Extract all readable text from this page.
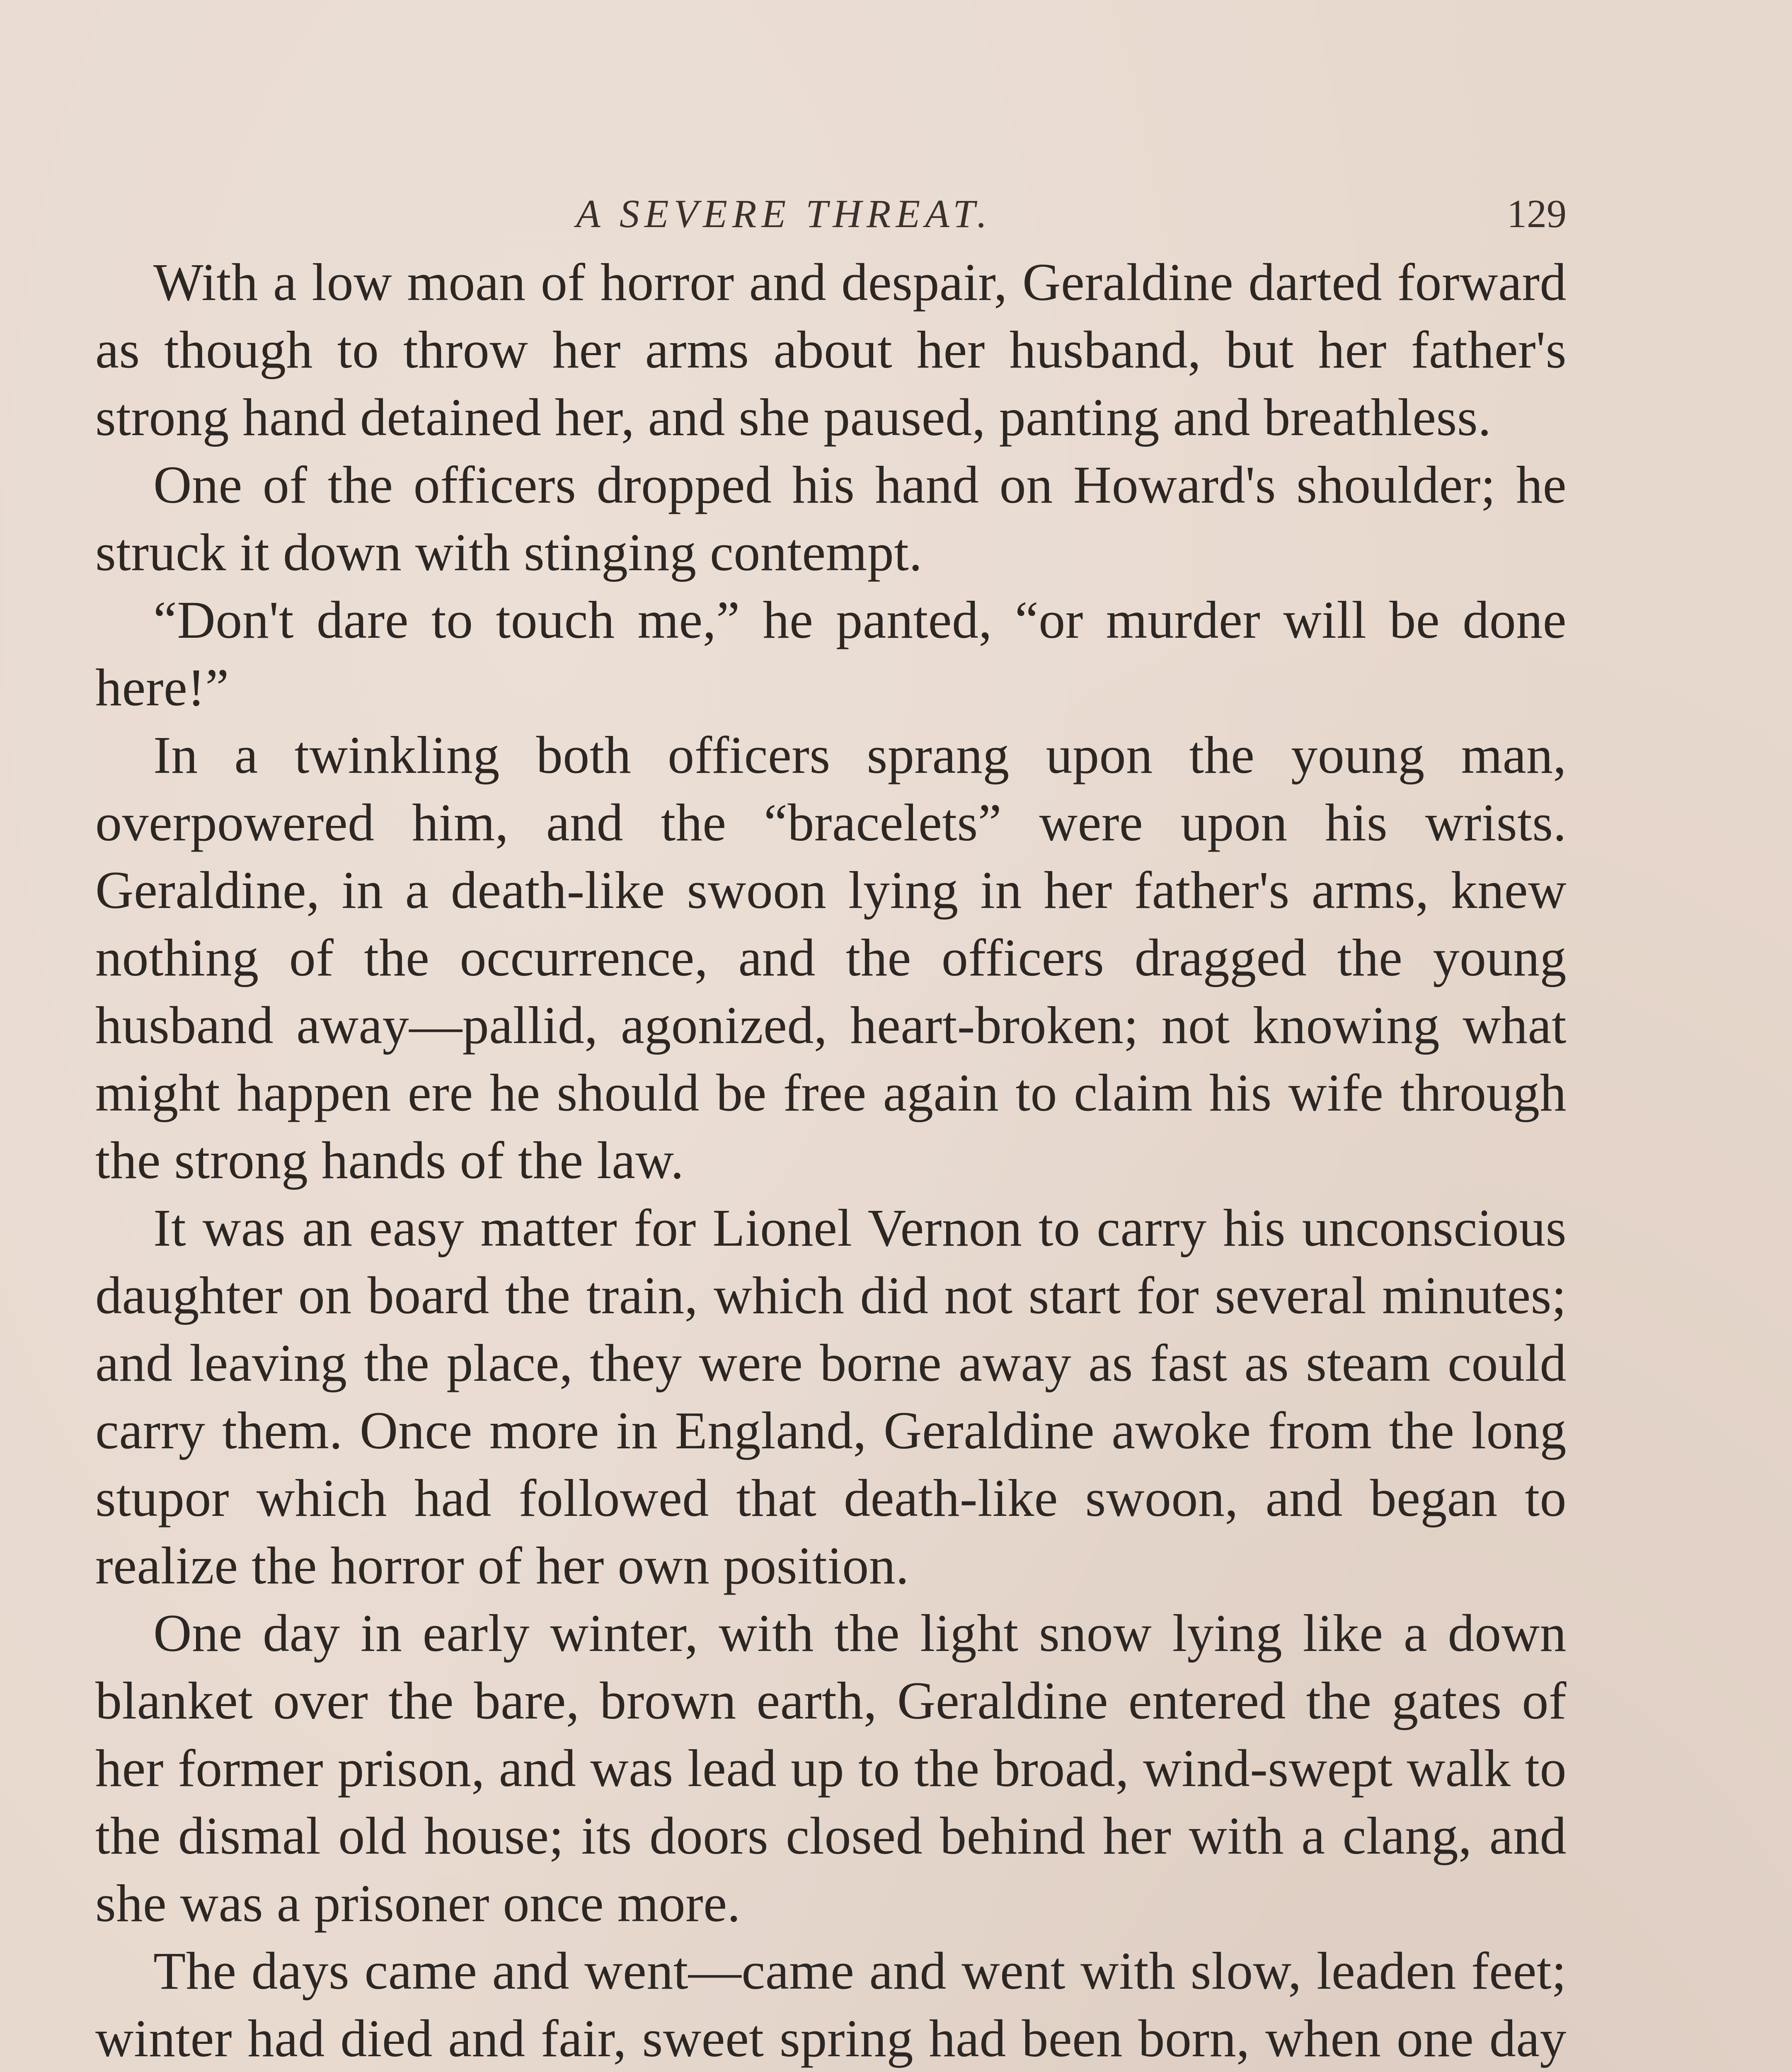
A SEVERE THREAT.	129

With a low moan of horror and despair, Geraldine darted forward as though to throw her arms about her husband, but her father's strong hand detained her, and she paused, panting and breathless.

One of the officers dropped his hand on Howard's shoulder; he struck it down with stinging contempt.

“Don't dare to touch me,” he panted, “or murder will be done here!”

In a twinkling both officers sprang upon the young man, overpowered him, and the “bracelets” were upon his wrists. Geraldine, in a death-like swoon lying in her father's arms, knew nothing of the occurrence, and the officers dragged the young husband away—pallid, agonized, heart-broken; not knowing what might happen ere he should be free again to claim his wife through the strong hands of the law.

It was an easy matter for Lionel Vernon to carry his unconscious daughter on board the train, which did not start for several minutes; and leaving the place, they were borne away as fast as steam could carry them. Once more in England, Geraldine awoke from the long stupor which had followed that death-like swoon, and began to realize the horror of her own position.

One day in early winter, with the light snow lying like a down blanket over the bare, brown earth, Geraldine entered the gates of her former prison, and was lead up to the broad, wind-swept walk to the dismal old house; its doors closed behind her with a clang, and she was a prisoner once more.

The days came and went—came and went with slow, leaden feet; winter had died and fair, sweet spring had been born, when one day
